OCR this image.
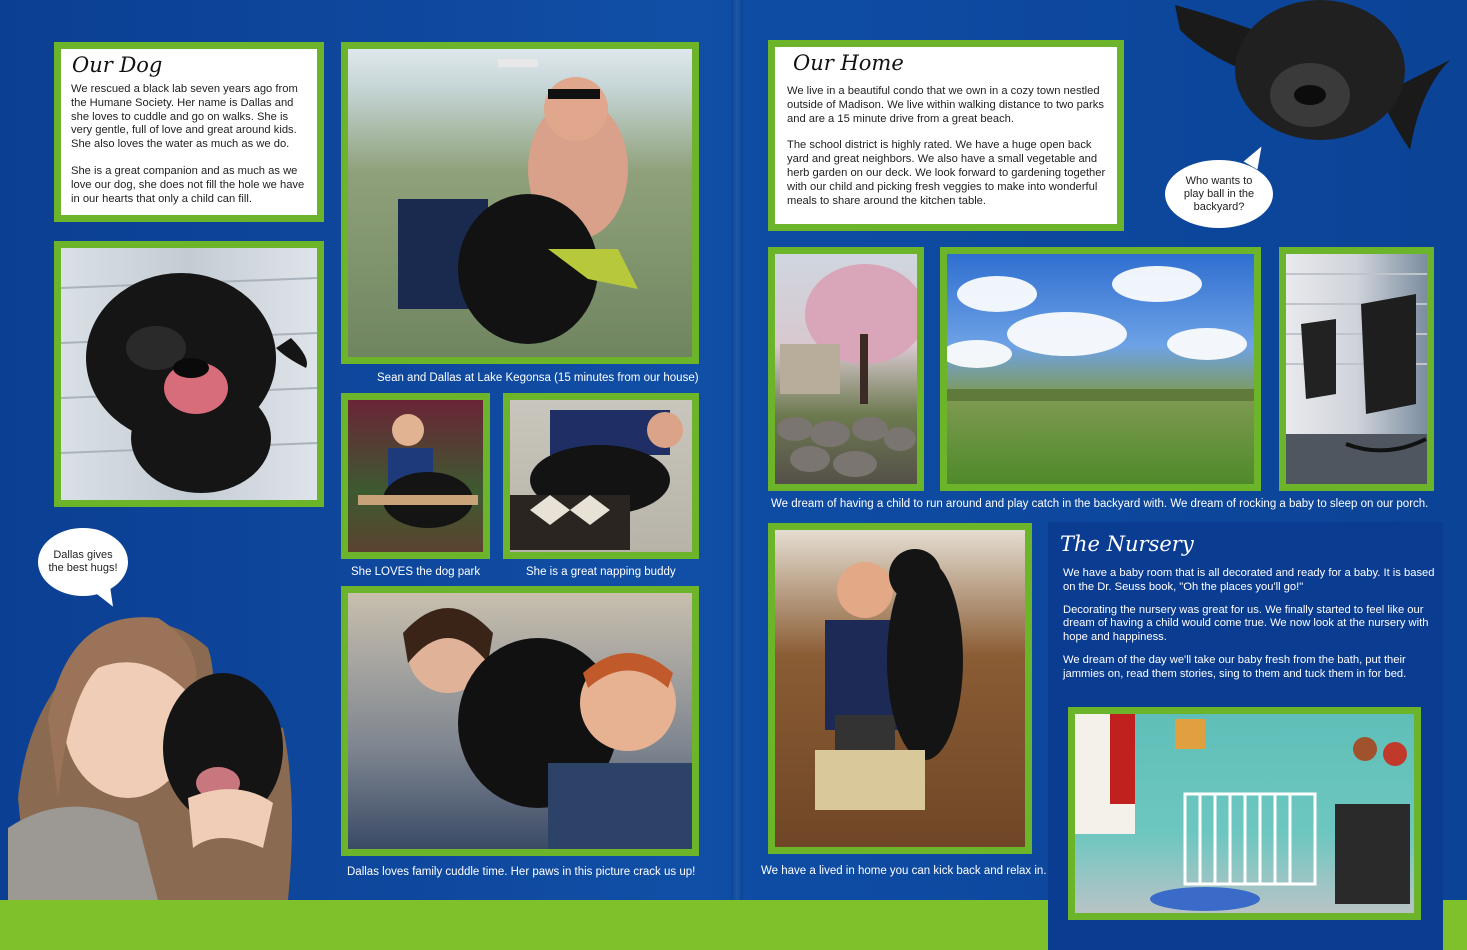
Our Dog

We rescued a black lab seven years ago from the Humane Society. Her name is Dallas and she loves to cuddle and go on walks. She is very gentle, full of love and great around kids. She also loves the water as much as we do.

She is a great companion and as much as we love our dog, she does not fill the hole we have in our hearts that only a child can fill.

Sean and Dallas at Lake Kegonsa (15 minutes from our house)
She LOVES the dog park	She is a great napping buddy
Dallas loves family cuddle time. Her paws in this picture crack us up!
Dallas gives the best hugs!
Our Home

We live in a beautiful condo that we own in a cozy town nestled outside of Madison. We live within walking distance to two parks and are a 15 minute drive from a great beach.

The school district is highly rated. We have a huge open back yard and great neighbors. We also have a small vegetable and herb garden on our deck. We look forward to gardening together with our child and picking fresh veggies to make into wonderful meals to share around the kitchen table.

Who wants to play ball in the backyard?
We dream of having a child to run around and play catch in the backyard with. We dream of rocking a baby to sleep on our porch.
We have a lived in home you can kick back and relax in.
The Nursery

We have a baby room that is all decorated and ready for a baby. It is based on the Dr. Seuss book, "Oh the places you'll go!"

Decorating the nursery was great for us. We finally started to feel like our dream of having a child would come true. We now look at the nursery with hope and happiness.

We dream of the day we'll take our baby fresh from the bath, put their jammies on, read them stories, sing to them and tuck them in for bed.
